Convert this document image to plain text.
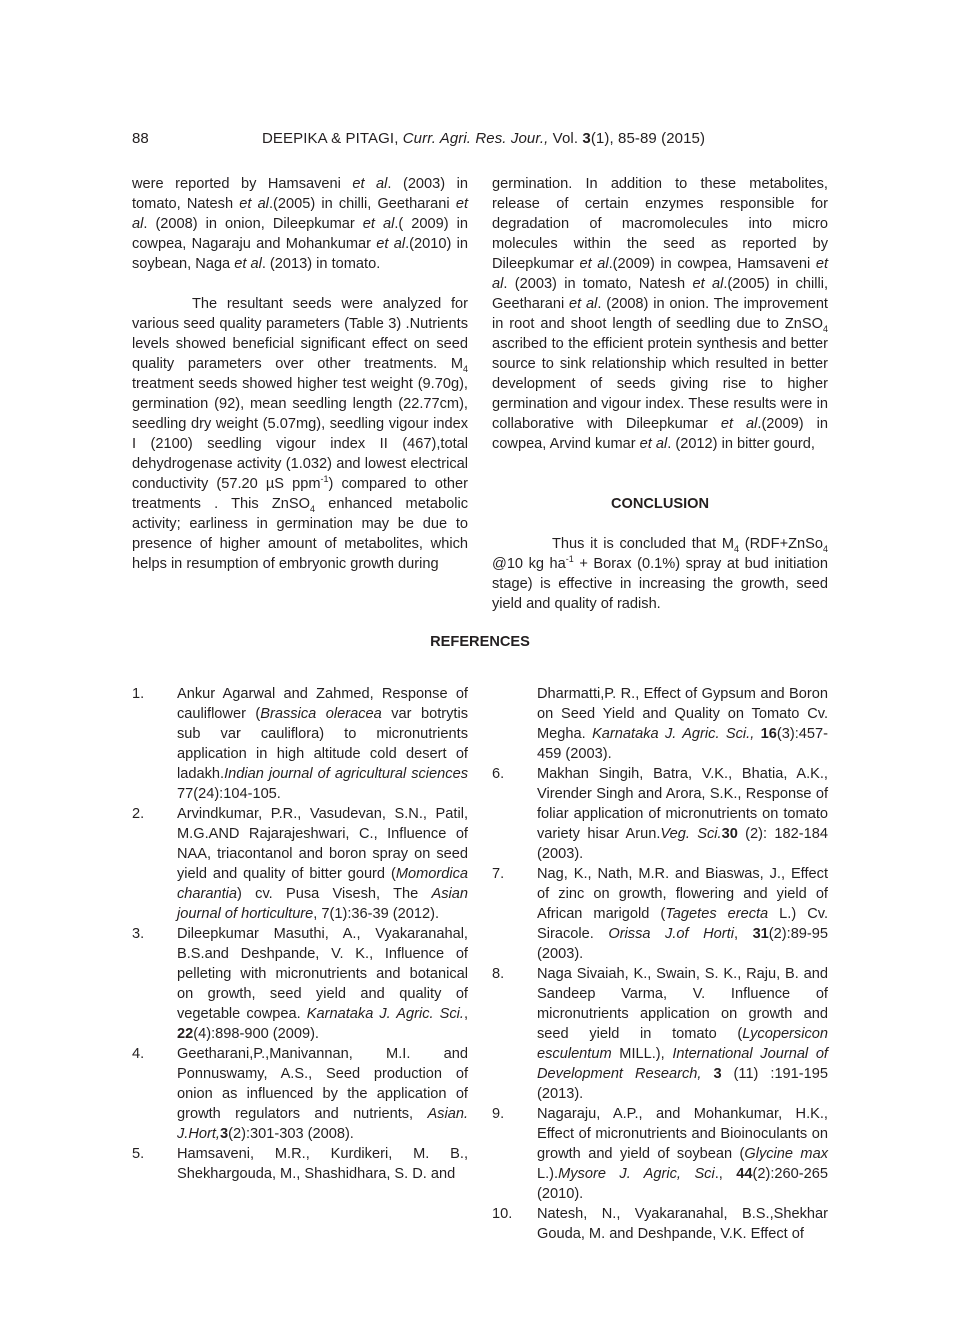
88	DEEPIKA & PITAGI, Curr. Agri. Res. Jour., Vol. 3(1), 85-89 (2015)

were reported by Hamsaveni et al. (2003) in tomato, Natesh et al.(2005) in chilli, Geetharani et al. (2008) in onion, Dileepkumar et al.( 2009) in cowpea, Nagaraju and Mohankumar et al.(2010) in soybean, Naga et al. (2013) in tomato.

The resultant seeds were analyzed for various seed quality parameters (Table 3) .Nutrients levels showed beneficial significant effect on seed quality parameters over other treatments. $M_4$ treatment seeds showed higher test weight (9.70g), germination (92), mean seedling length (22.77cm), seedling dry weight (5.07mg), seedling vigour index I (2100) seedling vigour index II (467),total dehydrogenase activity (1.032) and lowest electrical conductivity (57.20 µS ppm$^{-1}$) compared to other treatments . This ZnSO$_4$ enhanced metabolic activity; earliness in germination may be due to presence of higher amount of metabolites, which helps in resumption of embryonic growth during

germination. In addition to these metabolites, release of certain enzymes responsible for degradation of macromolecules into micro molecules within the seed as reported by Dileepkumar et al.(2009) in cowpea, Hamsaveni et al. (2003) in tomato, Natesh et al.(2005) in chilli, Geetharani et al. (2008) in onion. The improvement in root and shoot length of seedling due to ZnSO$_4$ ascribed to the efficient protein synthesis and better source to sink relationship which resulted in better development of seeds giving rise to higher germination and vigour index. These results were in collaborative with Dileepkumar et al.(2009) in cowpea, Arvind kumar et al. (2012) in bitter gourd,

CONCLUSION

Thus it is concluded that $M_4$ (RDF+ZnSo$_4$ @10 kg $ha^{-1}$ + Borax (0.1%) spray at bud initiation stage) is effective in increasing the growth, seed yield and quality of radish.

REFERENCES
1.	Ankur Agarwal and Zahmed, Response of cauliflower (Brassica oleracea var botrytis sub var cauliflora) to micronutrients application in high altitude cold desert of ladakh.Indian journal of agricultural sciences 77(24):104-105.
2.	Arvindkumar, P.R., Vasudevan, S.N., Patil, M.G.AND Rajarajeshwari, C., Influence of NAA, triacontanol and boron spray on seed yield and quality of bitter gourd (Momordica charantia) cv. Pusa Visesh, The Asian journal of horticulture, 7(1):36-39 (2012).
3.	Dileepkumar Masuthi, A., Vyakaranahal, B.S.and Deshpande, V. K., Influence of pelleting with micronutrients and botanical on growth, seed yield and quality of vegetable cowpea. Karnataka J. Agric. Sci., 22(4):898-900 (2009).
4.	Geetharani,P.,Manivannan, M.I. and Ponnuswamy, A.S., Seed production of onion as influenced by the application of growth regulators and nutrients, Asian. J.Hort,3(2):301-303 (2008).
5.	Hamsaveni, M.R., Kurdikeri, M. B., Shekhargouda, M., Shashidhara, S. D. and
Dharmatti,P. R., Effect of Gypsum and Boron on Seed Yield and Quality on Tomato Cv. Megha. Karnataka J. Agric. Sci., 16(3):457-459 (2003).
6.	Makhan Singih, Batra, V.K., Bhatia, A.K., Virender Singh and Arora, S.K., Response of foliar application of micronutrients on tomato variety hisar Arun.Veg. Sci.30 (2): 182-184 (2003).
7.	Nag, K., Nath, M.R. and Biaswas, J., Effect of zinc on growth, flowering and yield of African marigold (Tagetes erecta L.) Cv. Siracole. Orissa J.of Horti, 31(2):89-95 (2003).
8.	Naga Sivaiah, K., Swain, S. K., Raju, B. and Sandeep Varma, V. Influence of micronutrients application on growth and seed yield in tomato (Lycopersicon esculentum MILL.), International Journal of Development Research, 3 (11) :191-195 (2013).
9.	Nagaraju, A.P., and Mohankumar, H.K., Effect of micronutrients and Bioinoculants on growth and yield of soybean (Glycine max L.).Mysore J. Agric, Sci., 44(2):260-265 (2010).
10.	Natesh, N., Vyakaranahal, B.S.,Shekhar Gouda, M. and Deshpande, V.K. Effect of
